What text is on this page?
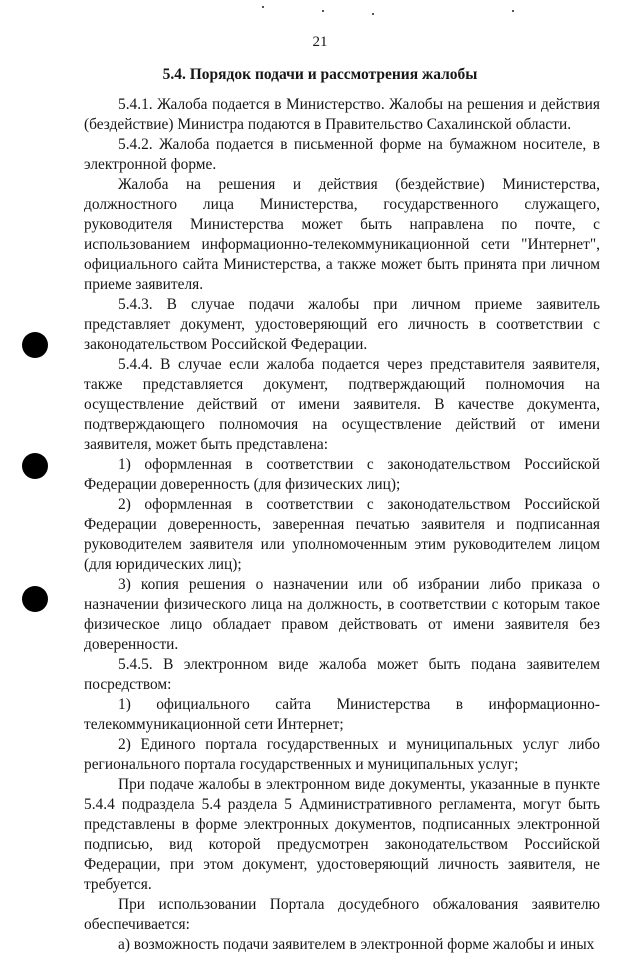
21
5.4. Порядок подачи и рассмотрения жалобы

5.4.1. Жалоба подается в Министерство. Жалобы на решения и действия (бездействие) Министра подаются в Правительство Сахалинской области.

5.4.2. Жалоба подается в письменной форме на бумажном носителе, в электронной форме.

Жалоба на решения и действия (бездействие) Министерства, должностного лица Министерства, государственного служащего, руководителя Министерства может быть направлена по почте, с использованием информационно-телекоммуникационной сети "Интернет", официального сайта Министерства, а также может быть принята при личном приеме заявителя.

5.4.3. В случае подачи жалобы при личном приеме заявитель представляет документ, удостоверяющий его личность в соответствии с законодательством Российской Федерации.

5.4.4. В случае если жалоба подается через представителя заявителя, также представляется документ, подтверждающий полномочия на осуществление действий от имени заявителя. В качестве документа, подтверждающего полномочия на осуществление действий от имени заявителя, может быть представлена:

1) оформленная в соответствии с законодательством Российской Федерации доверенность (для физических лиц);

2) оформленная в соответствии с законодательством Российской Федерации доверенность, заверенная печатью заявителя и подписанная руководителем заявителя или уполномоченным этим руководителем лицом (для юридических лиц);

3) копия решения о назначении или об избрании либо приказа о назначении физического лица на должность, в соответствии с которым такое физическое лицо обладает правом действовать от имени заявителя без доверенности.

5.4.5. В электронном виде жалоба может быть подана заявителем посредством:

1) официального сайта Министерства в информационно-телекоммуникационной сети Интернет;

2) Единого портала государственных и муниципальных услуг либо регионального портала государственных и муниципальных услуг;

При подаче жалобы в электронном виде документы, указанные в пункте 5.4.4 подраздела 5.4 раздела 5 Административного регламента, могут быть представлены в форме электронных документов, подписанных электронной подписью, вид которой предусмотрен законодательством Российской Федерации, при этом документ, удостоверяющий личность заявителя, не требуется.

При использовании Портала досудебного обжалования заявителю обеспечивается:

а) возможность подачи заявителем в электронной форме жалобы и иных
